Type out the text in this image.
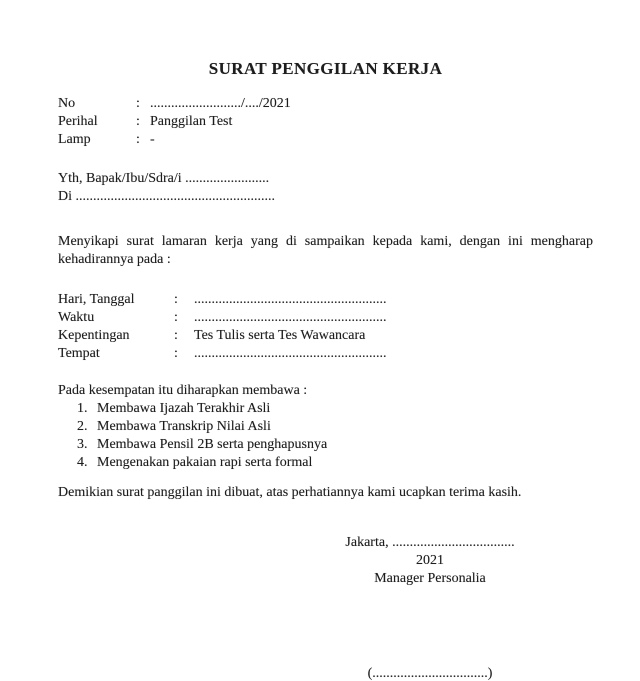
SURAT PENGGILAN KERJA
No	: ........................../..../2021
Perihal	: Panggilan Test
Lamp	: -
Yth, Bapak/Ibu/Sdra/i ........................
Di .........................................................

Menyikapi surat lamaran kerja yang di sampaikan kepada kami, dengan ini mengharap kehadirannya pada :

Hari, Tanggal	:	.......................................................
Waktu	:	.......................................................
Kepentingan	:	Tes Tulis serta Tes Wawancara
Tempat	:	.......................................................
Pada kesempatan itu diharapkan membawa :
1. Membawa Ijazah Terakhir Asli
2. Membawa Transkrip Nilai Asli
3. Membawa Pensil 2B serta penghapusnya
4. Mengenakan pakaian rapi serta formal

Demikian surat panggilan ini dibuat, atas perhatiannya kami ucapkan terima kasih.

Jakarta, ................................... 2021
Manager Personalia
(.................................)
